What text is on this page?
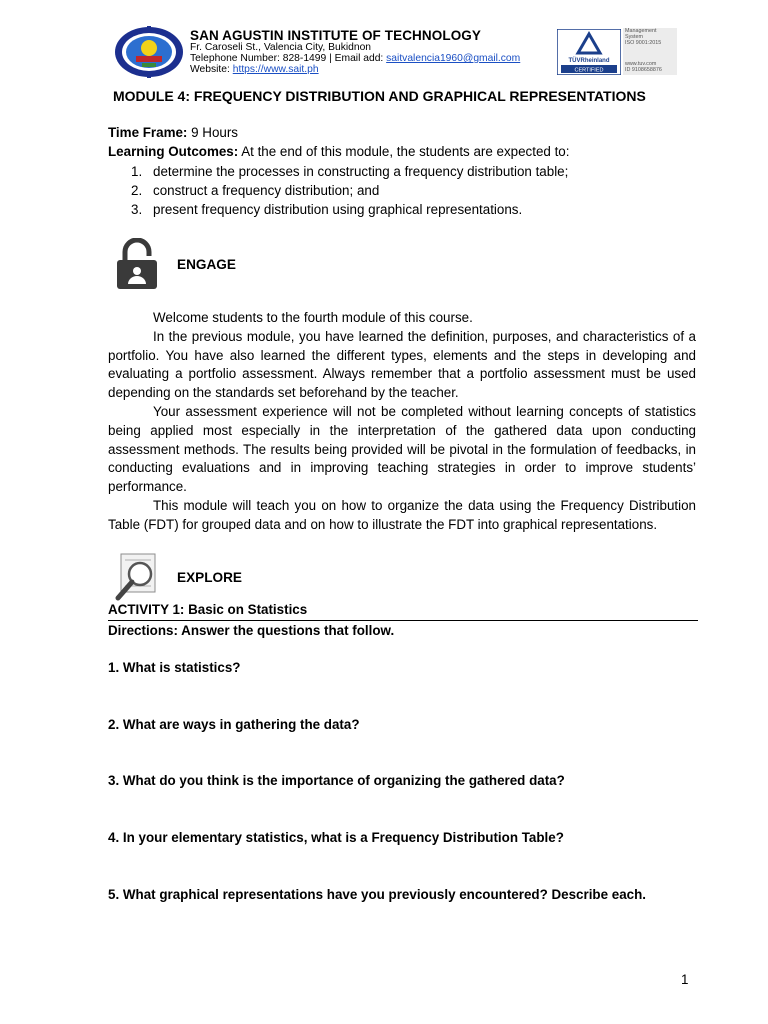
SAN AGUSTIN INSTITUTE OF TECHNOLOGY
Fr. Caroseli St., Valencia City, Bukidnon
Telephone Number: 828-1499 | Email add: saitvalencia1960@gmail.com
Website: https://www.sait.ph
TÜVRheinland
CERTIFIED
Management
System
ISO 9001:2015
www.tuv.com
ID 9108658876
MODULE 4: FREQUENCY DISTRIBUTION AND GRAPHICAL REPRESENTATIONS
Time Frame: 9 Hours
Learning Outcomes: At the end of this module, the students are expected to:
1. determine the processes in constructing a frequency distribution table;
2. construct a frequency distribution; and
3. present frequency distribution using graphical representations.
ENGAGE

Welcome students to the fourth module of this course.

In the previous module, you have learned the definition, purposes, and characteristics of a portfolio. You have also learned the different types, elements and the steps in developing and evaluating a portfolio assessment. Always remember that a portfolio assessment must be used depending on the standards set beforehand by the teacher.

Your assessment experience will not be completed without learning concepts of statistics being applied most especially in the interpretation of the gathered data upon conducting assessment methods. The results being provided will be pivotal in the formulation of feedbacks, in conducting evaluations and in improving teaching strategies in order to improve students’ performance.

This module will teach you on how to organize the data using the Frequency Distribution Table (FDT) for grouped data and on how to illustrate the FDT into graphical representations.

EXPLORE
ACTIVITY 1: Basic on Statistics
Directions: Answer the questions that follow.
1. What is statistics?
2. What are ways in gathering the data?
3. What do you think is the importance of organizing the gathered data?
4. In your elementary statistics, what is a Frequency Distribution Table?
5. What graphical representations have you previously encountered? Describe each.
1
